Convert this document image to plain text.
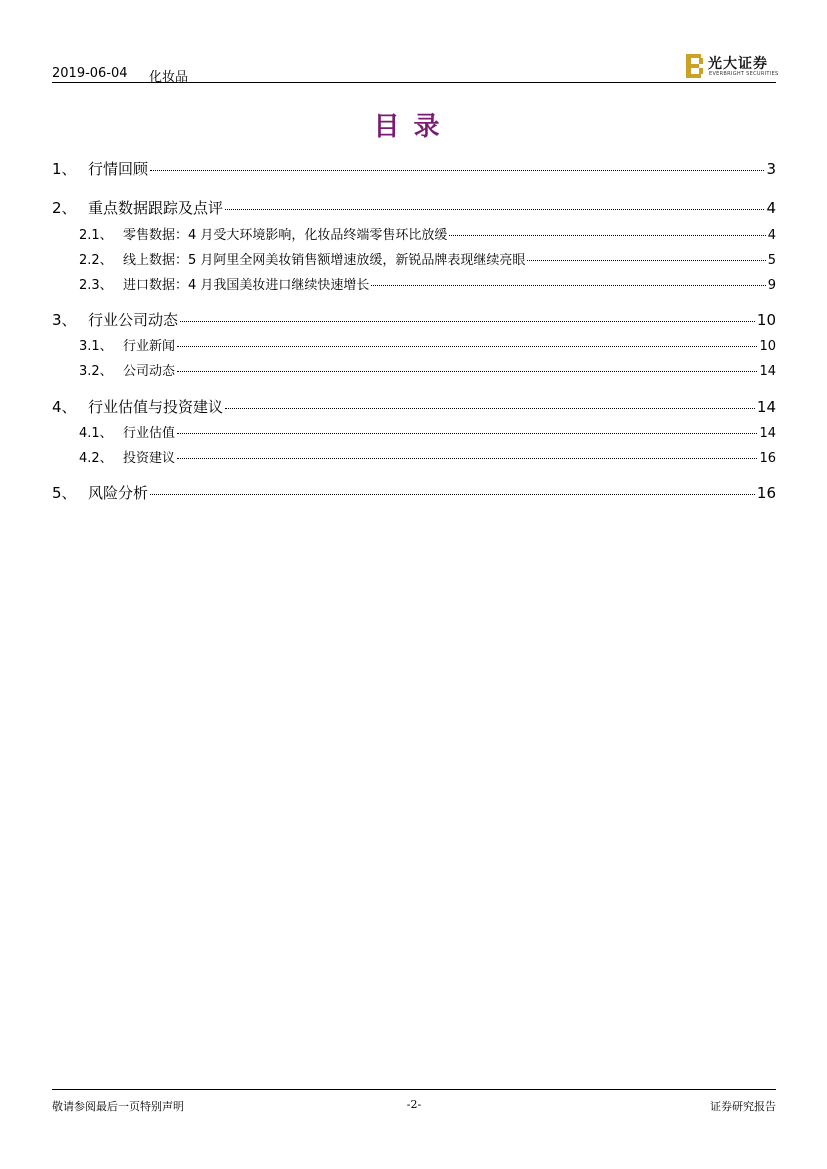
2019-06-04 化妆品
光大证券
EVERBRIGHT SECURITIES
目录
1、 行情回顾	3
2、 重点数据跟踪及点评	4
2.1、 零售数据：4 月受大环境影响，化妆品终端零售环比放缓	4
2.2、 线上数据：5 月阿里全网美妆销售额增速放缓，新锐品牌表现继续亮眼	5
2.3、 进口数据：4 月我国美妆进口继续快速增长	9
3、 行业公司动态	10
3.1、 行业新闻	10
3.2、 公司动态	14
4、 行业估值与投资建议	14
4.1、 行业估值	14
4.2、 投资建议	16
5、 风险分析	16
敬请参阅最后一页特别声明	-2-	证券研究报告
